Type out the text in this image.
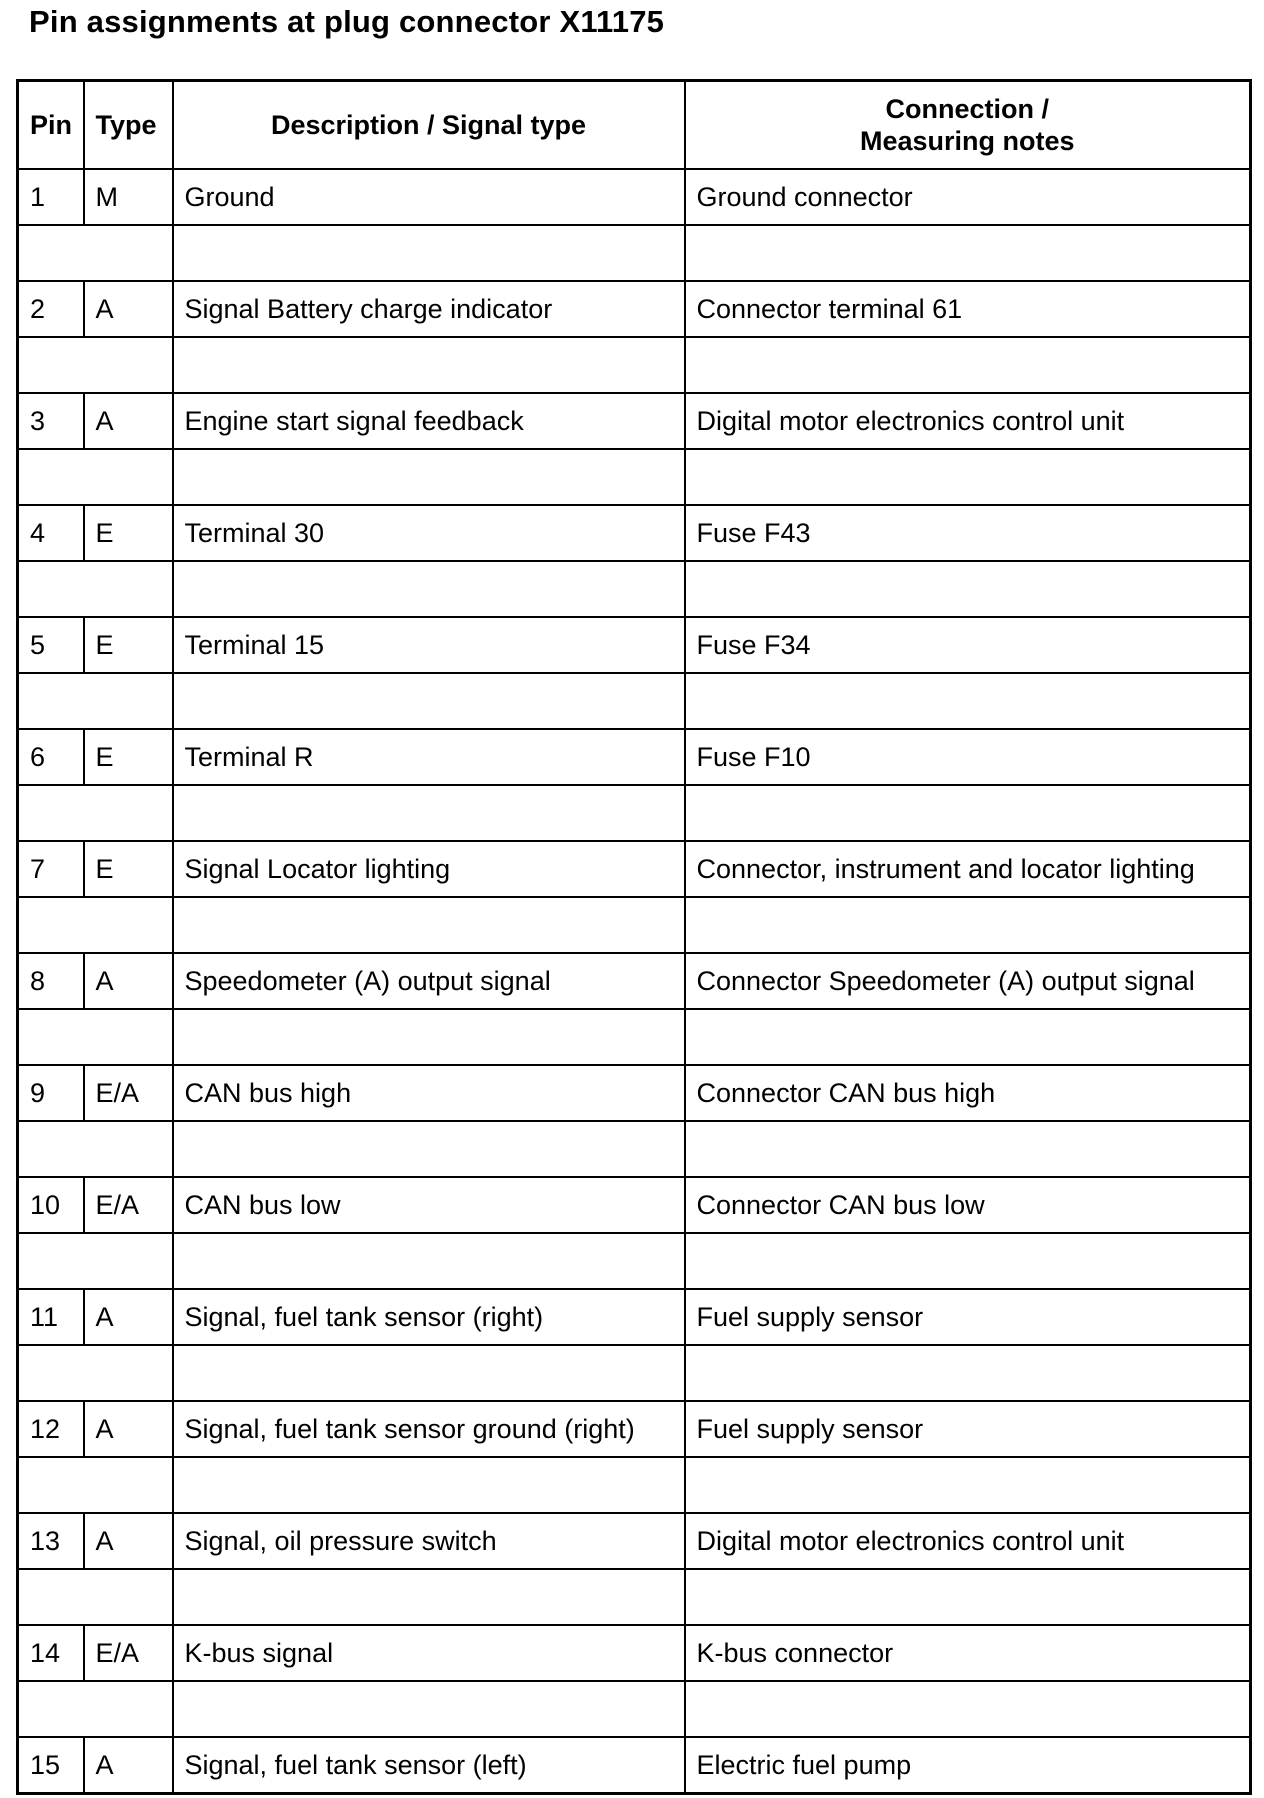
Pin assignments at plug connector X11175
Pin	Type	Description / Signal type	Connection /
Measuring notes
1	M	Ground	Ground connector

2	A	Signal Battery charge indicator	Connector terminal 61

3	A	Engine start signal feedback	Digital motor electronics control unit

4	E	Terminal 30	Fuse F43

5	E	Terminal 15	Fuse F34

6	E	Terminal R	Fuse F10

7	E	Signal Locator lighting	Connector, instrument and locator lighting

8	A	Speedometer (A) output signal	Connector Speedometer (A) output signal

9	E/A	CAN bus high	Connector CAN bus high

10	E/A	CAN bus low	Connector CAN bus low

11	A	Signal, fuel tank sensor (right)	Fuel supply sensor

12	A	Signal, fuel tank sensor ground (right)	Fuel supply sensor

13	A	Signal, oil pressure switch	Digital motor electronics control unit

14	E/A	K-bus signal	K-bus connector

15	A	Signal, fuel tank sensor (left)	Electric fuel pump
